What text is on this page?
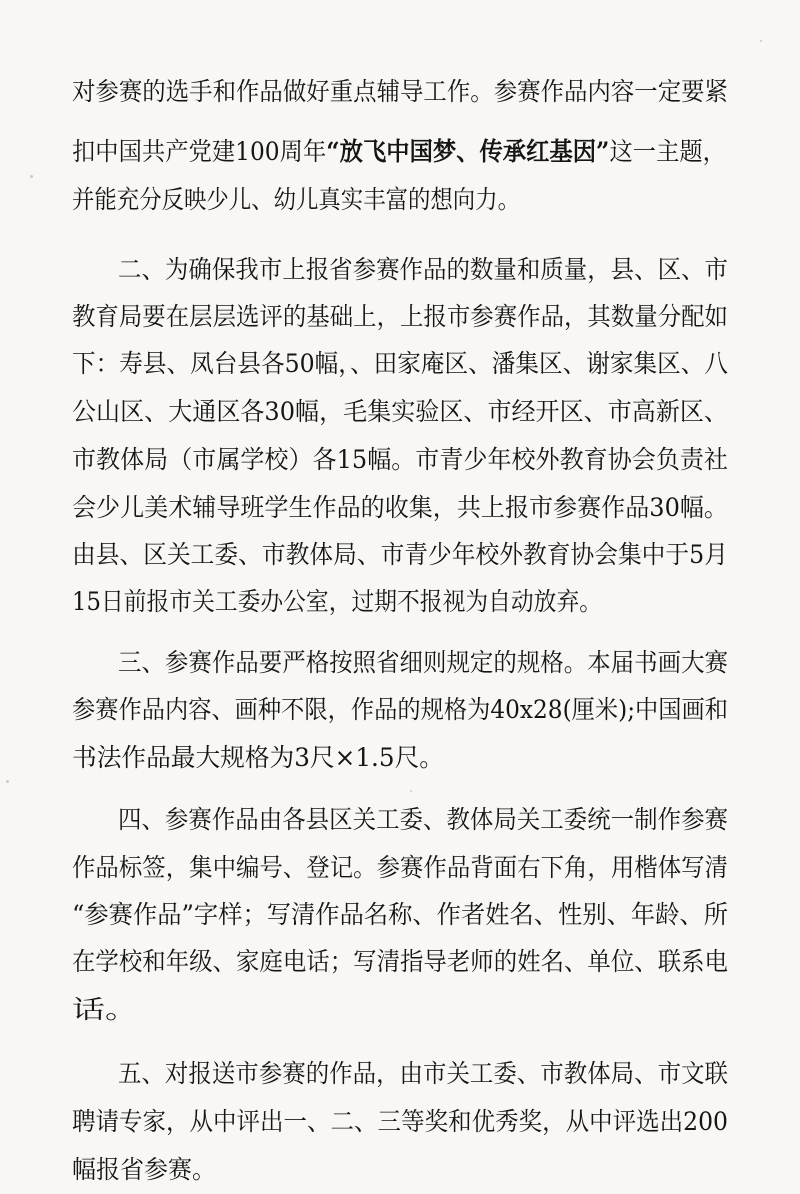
对参赛的选手和作品做好重点辅导工作。参赛作品内容一定要紧
扣中国共产党建100周年“放飞中国梦、传承红基因”这一主题，
并能充分反映少儿、幼儿真实丰富的想向力。
二、为确保我市上报省参赛作品的数量和质量，县、区、市
教育局要在层层选评的基础上，上报市参赛作品，其数量分配如
下：寿县、凤台县各50幅，、田家庵区、潘集区、谢家集区、八
公山区、大通区各30幅，毛集实验区、市经开区、市高新区、
市教体局（市属学校）各15幅。市青少年校外教育协会负责社
会少儿美术辅导班学生作品的收集，共上报市参赛作品30幅。
由县、区关工委、市教体局、市青少年校外教育协会集中于5月
15日前报市关工委办公室，过期不报视为自动放弃。
三、参赛作品要严格按照省细则规定的规格。本届书画大赛
参赛作品内容、画种不限，作品的规格为40x28(厘米);中国画和
书法作品最大规格为3尺×1.5尺。
四、参赛作品由各县区关工委、教体局关工委统一制作参赛
作品标签，集中编号、登记。参赛作品背面右下角，用楷体写清
“参赛作品”字样；写清作品名称、作者姓名、性别、年龄、所
在学校和年级、家庭电话；写清指导老师的姓名、单位、联系电
话。
五、对报送市参赛的作品，由市关工委、市教体局、市文联
聘请专家，从中评出一、二、三等奖和优秀奖，从中评选出200
幅报省参赛。
